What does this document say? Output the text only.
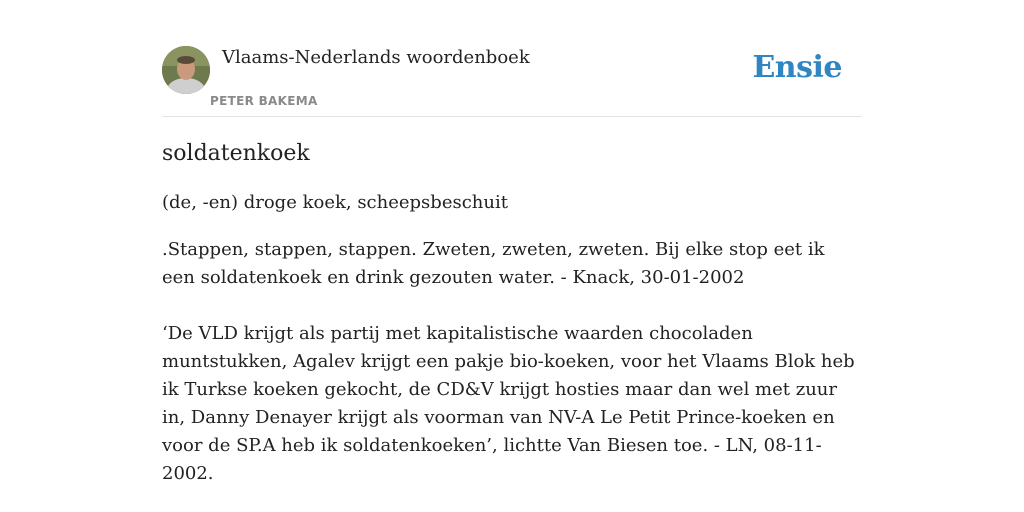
Vlaams-Nederlands woordenboek
PETER BAKEMA
Ensie
soldatenkoek

(de, -en) droge koek, scheepsbeschuit

.Stappen, stappen, stappen. Zweten, zweten, zweten. Bij elke stop eet ik een soldatenkoek en drink gezouten water. - Knack, 30-01-2002

‘De VLD krijgt als partij met kapitalistische waarden chocoladen muntstukken, Agalev krijgt een pakje bio-koeken, voor het Vlaams Blok heb ik Turkse koeken gekocht, de CD&V krijgt hosties maar dan wel met zuur in, Danny Denayer krijgt als voorman van NV-A Le Petit Prince-koeken en voor de SP.A heb ik soldatenkoeken’, lichtte Van Biesen toe. - LN, 08-11-2002.
